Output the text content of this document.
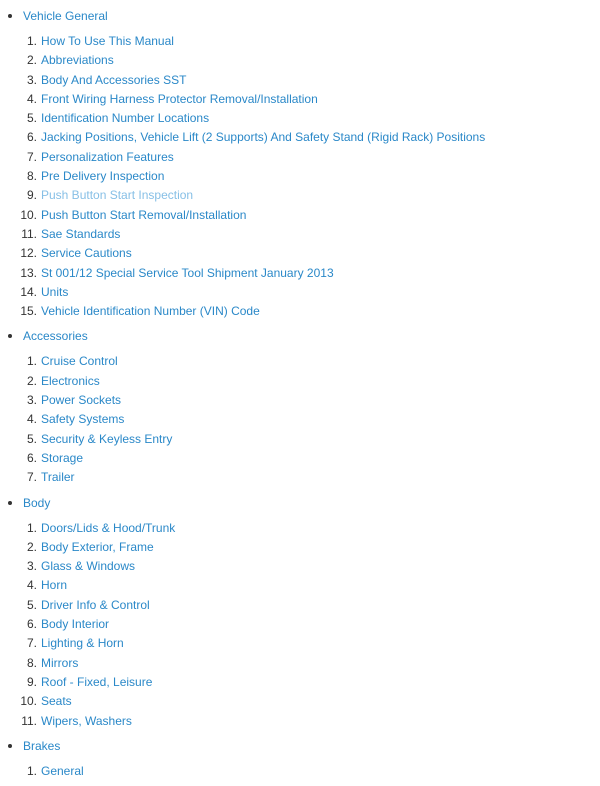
Vehicle General
1. How To Use This Manual
2. Abbreviations
3. Body And Accessories SST
4. Front Wiring Harness Protector Removal/Installation
5. Identification Number Locations
6. Jacking Positions, Vehicle Lift (2 Supports) And Safety Stand (Rigid Rack) Positions
7. Personalization Features
8. Pre Delivery Inspection
9. Push Button Start Inspection
10. Push Button Start Removal/Installation
11. Sae Standards
12. Service Cautions
13. St 001/12 Special Service Tool Shipment January 2013
14. Units
15. Vehicle Identification Number (VIN) Code
Accessories
1. Cruise Control
2. Electronics
3. Power Sockets
4. Safety Systems
5. Security & Keyless Entry
6. Storage
7. Trailer
Body
1. Doors/Lids & Hood/Trunk
2. Body Exterior, Frame
3. Glass & Windows
4. Horn
5. Driver Info & Control
6. Body Interior
7. Lighting & Horn
8. Mirrors
9. Roof - Fixed, Leisure
10. Seats
11. Wipers, Washers
Brakes
1. General
